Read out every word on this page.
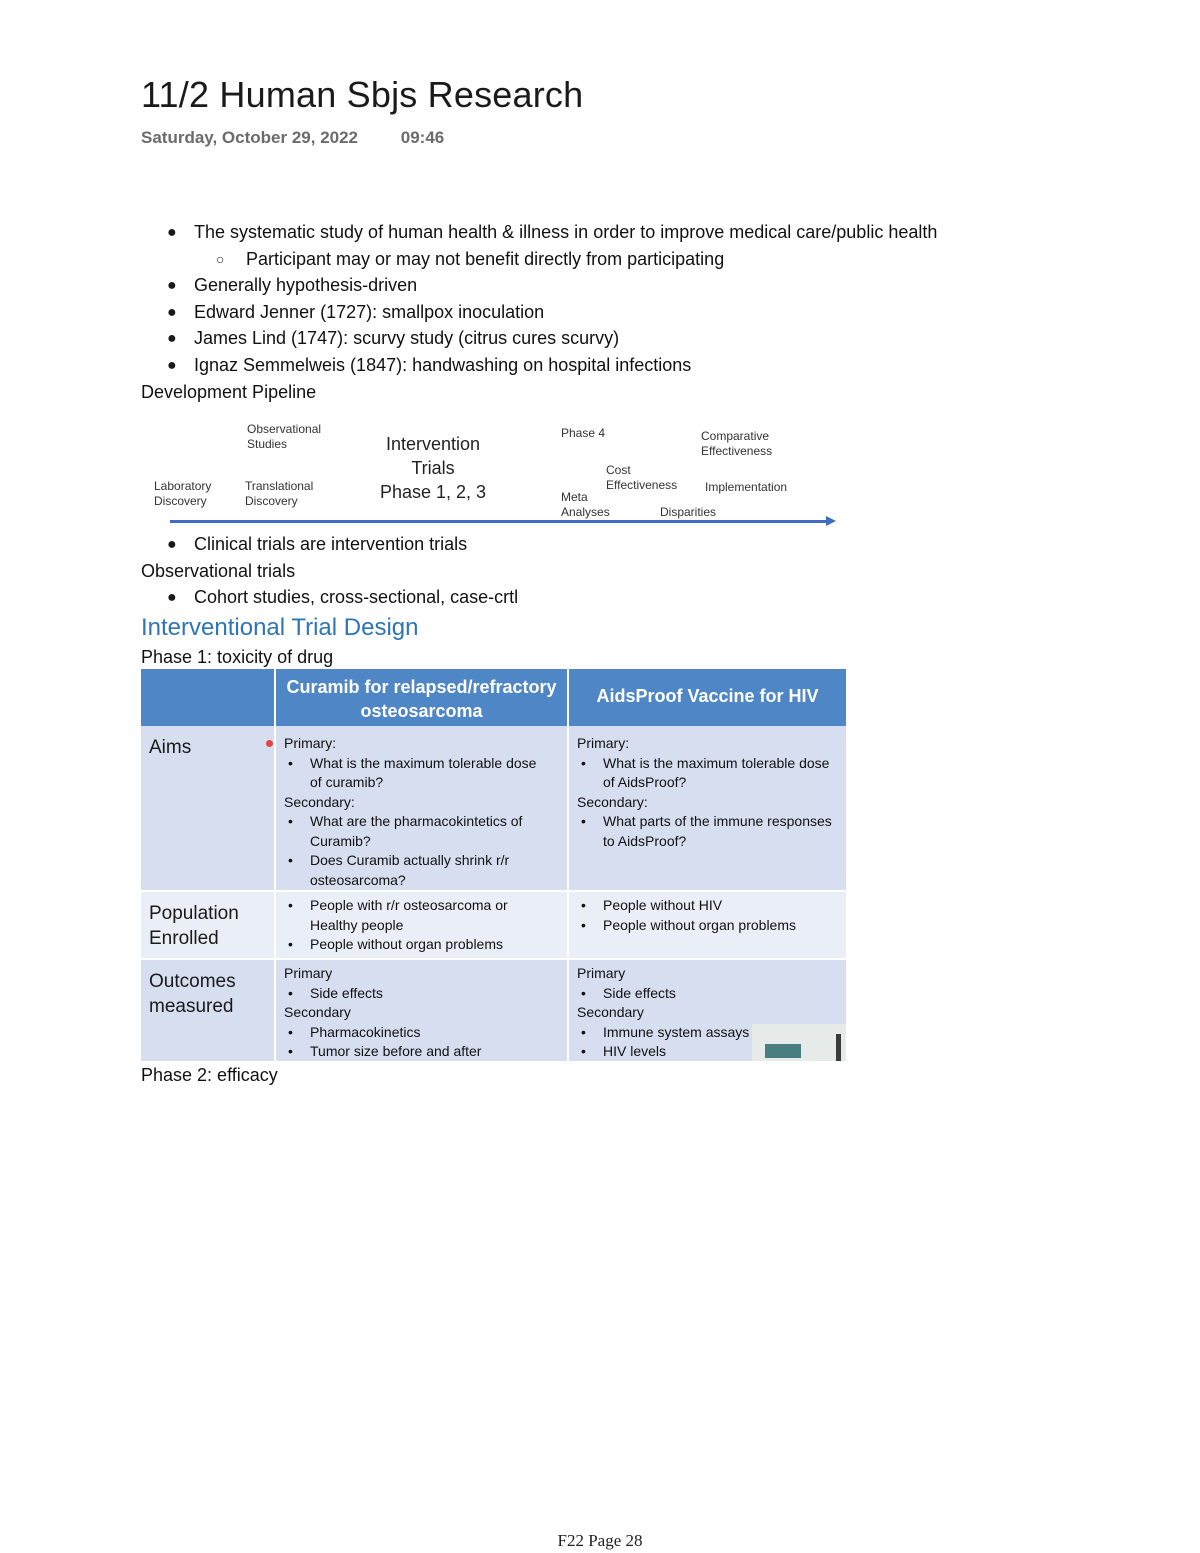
11/2 Human Sbjs Research
Saturday, October 29, 2022	09:46
● The systematic study of human health & illness in order to improve medical care/public health
○ Participant may or may not benefit directly from participating
● Generally hypothesis-driven
● Edward Jenner (1727): smallpox inoculation
● James Lind (1747): scurvy study (citrus cures scurvy)
● Ignaz Semmelweis (1847): handwashing on hospital infections
Development Pipeline
Laboratory
Discovery
Observational
Studies
Translational
Discovery
Intervention
Trials
Phase 1, 2, 3
Phase 4
Cost
Effectiveness
Meta
Analyses
Comparative
Effectiveness
Implementation
Disparities
● Clinical trials are intervention trials
Observational trials
● Cohort studies, cross-sectional, case-crtl
Interventional Trial Design
Phase 1: toxicity of drug
Curamib for relapsed/refractory
osteosarcoma
AidsProof Vaccine for HIV
Aims	Primary:
• What is the maximum tolerable dose
of curamib?
Secondary:
• What are the pharmacokintetics of
Curamib?
• Does Curamib actually shrink r/r
osteosarcoma?
Primary:
• What is the maximum tolerable dose
of AidsProof?
Secondary:
• What parts of the immune responses
to AidsProof?
Population
Enrolled
• People with r/r osteosarcoma or
Healthy people
• People without organ problems
• People without HIV
• People without organ problems
Outcomes
measured
Primary
• Side effects
Secondary
• Pharmacokinetics
• Tumor size before and after
Primary
• Side effects
Secondary
• Immune system assays
• HIV levels
Phase 2: efficacy
F22 Page 28
